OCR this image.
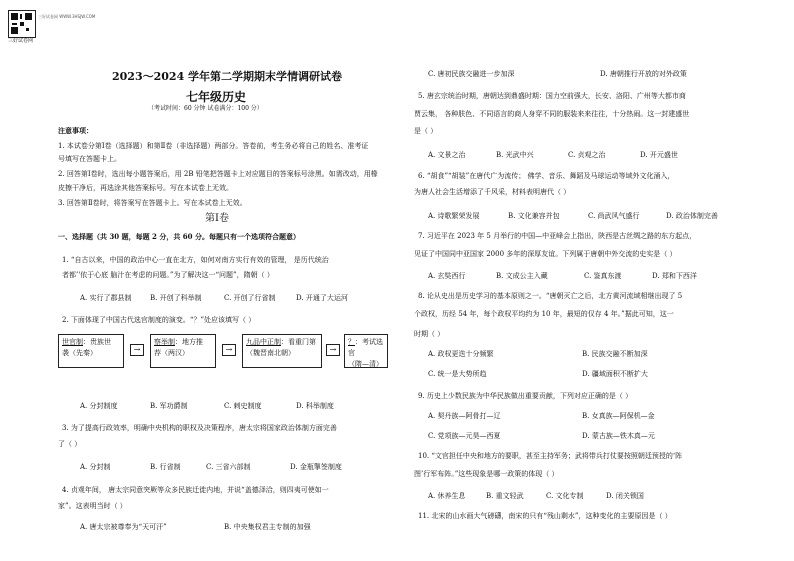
三好试卷网 WWW.3HSJW.COM
三好试卷网
2023～2024 学年第二学期期末学情调研试卷
七年级历史
（考试时间：60 分钟 试卷满分：100 分）
注意事项：
1. 本试卷分第Ⅰ卷（选择题）和第Ⅱ卷（非选择题）两部分。答卷前，考生务必将自己的姓名、准考证
号填写在答题卡上。
2. 回答第Ⅰ卷时，选出每小题答案后，用 2B 铅笔把答题卡上对应题目的答案标号涂黑。如需改动，用橡
皮擦干净后，再选涂其他答案标号。写在本试卷上无效。
3. 回答第Ⅱ卷时，将答案写在答题卡上。写在本试卷上无效。
第Ⅰ卷
一、选择题（共 30 题，每题 2 分，共 60 分。每题只有一个选项符合题意）
1. “自古以来，中国的政治中心一直在北方，如何对南方实行有效的管理， 是历代统治
者都’'依于心底 脑汁在考虑的问题。”为了解决这一“问题”，隋朝（ ）
A. 实行了郡县制	B. 开创了科举制	C. 开创了行省制	D. 开通了大运河
2. 下面体现了中国古代选官制度的演变。“？”处应该填写（ ）
世官制：贵族世
袭（先秦）	→
察举制：地方推
荐（两汉）	→
九品中正制：看重门第
（魏晋南北朝）	→
？：考试选官
（隋—清）
A. 分封制度	B. 军功爵制	C. 刺史制度	D. 科举制度
3. 为了提高行政效率，明确中央机构的职权及决策程序，唐太宗将国家政治体制方面完善
了（ ）
A. 分封制	B. 行省制	C. 三省六部制	D. 金瓶掣签制度
4. 贞观年间， 唐太宗同意突厥等众多民族迁徙内地，并说“盖德泽洽，则四夷可使如一
家”。这表明当时（ ）
A. 唐太宗被尊奉为“天可汗”	B. 中央集权君主专制的加强
C. 唐初民族交融进一步加深	D. 唐朝推行开放的对外政策
5. 唐玄宗统治时期，唐朝达到鼎盛时期：国力空前强大，长安、洛阳、广州等大都市商
贾云集， 各种肤色、不同语言的商人身穿不同的服装来来往往，十分热闹。这一封建盛世
是（ ）
A. 文景之治	B. 光武中兴	C. 贞观之治	D. 开元盛世
6. “胡食”“胡装”在唐代广为流传； 佛学、音乐、舞蹈及马球运动等域外文化涌入，
为唐人社会生活增添了千风采，材料表明唐代（ ）
A. 诗歌繁荣发展	B. 文化兼容并包	C. 尚武风气盛行	D. 政治体制完善
7. 习近平在 2023 年 5 月举行的中国—中亚峰会上指出，陕西是古丝绸之路的东方起点，
见证了中国同中亚国家 2000 多年的深厚友谊。下列属于唐朝中外交流的史实是（ ）
A. 玄奘西行	B. 文成公主入藏	C. 鉴真东渡	D. 郑和下西洋
8. 论从史出是历史学习的基本原则之一。“唐朝灭亡之后，北方黄河流域相继出现了 5
个政权，历经 54 年，每个政权平均约为 10 年，最短的仅存 4 年。”据此可知，这一
时期（ ）
A. 政权更迭十分频繁	B. 民族交融不断加深
C. 统一是大势所趋	D. 疆域面积不断扩大
9. 历史上少数民族为中华民族做出重要贡献，下列对应正确的是（ ）
A. 契丹族—阿骨打—辽	B. 女真族—阿保机—金
C. 党项族—元昊—西夏	D. 蒙古族—铁木真—元
10. “文官担任中央和地方的要职，甚至主持军务；武将带兵打仗要按照朝廷预授的‘阵
图’行军布阵。”这些现象是哪一政策的体现（ ）
A. 休养生息	B. 重文轻武	C. 文化专制	D. 闭关锁国
11. 北宋的山水画大气磅礴，南宋的只有“残山剩水”，这种变化的主要原因是（ ）
